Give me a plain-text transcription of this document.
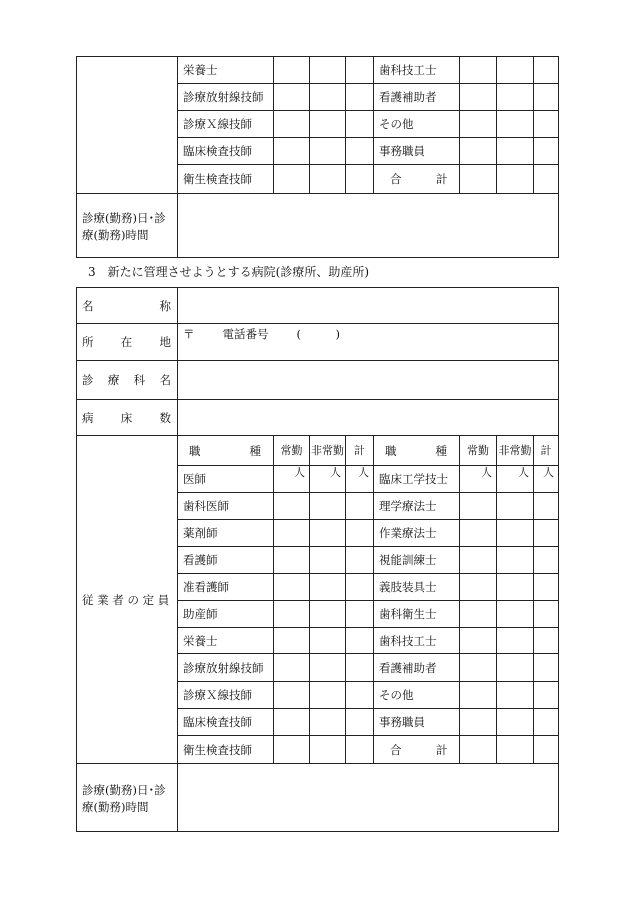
	栄養士				歯科技工士			
	診療放射線技師				看護補助者			
	診療Ｘ線技師				その他			
	臨床検査技師				事務職員			
	衛生検査技師				合　　　計			
診療(勤務)日･診療(勤務)時間								
3　新たに管理させようとする病院(診療所、助産所)
名 称								

所 在 地	〒 電話番号 (　　　)							

診 療 科 名								

病 床 数								

従 業 者 の 定 員	職 種	常勤	非常勤	計	職 種	常勤	非常勤	計
	医師	人	人	人	臨床工学技士	人	人	人
	歯科医師				理学療法士			
	薬剤師				作業療法士			
	看護師				視能訓練士			
	准看護師				義肢装具士			
	助産師				歯科衛生士			
	栄養士				歯科技工士			
	診療放射線技師				看護補助者			
	診療Ｘ線技師				その他			
	臨床検査技師				事務職員			
	衛生検査技師				合　　　計			
診療(勤務)日･診療(勤務)時間								
